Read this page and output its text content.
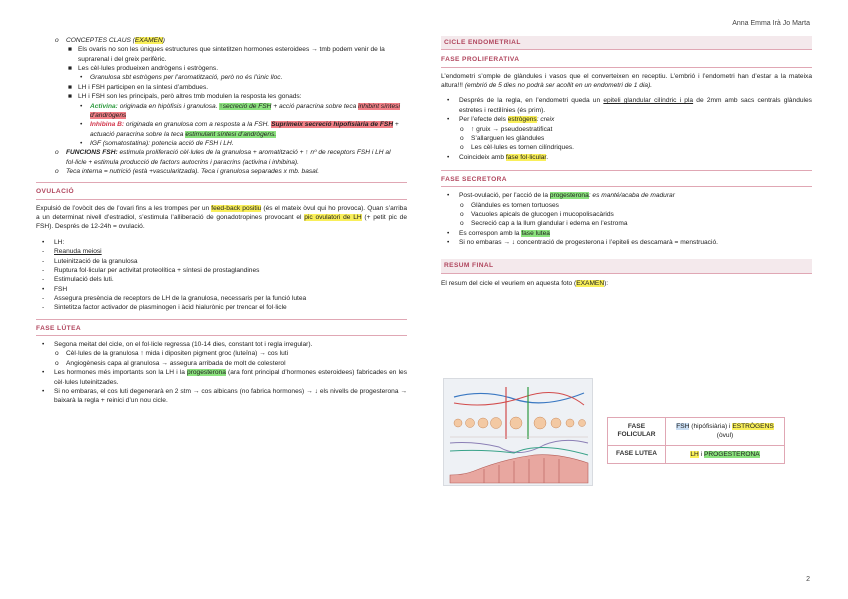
Anna Emma Irà Jo Marta
o CONCEPTES CLAUS (EXAMEN)
■ Els ovaris no son les úniques estructures que sintetitzen hormones esteroidees → tmb podem venir de la suprarenal i del greix perifèric.
■ Les cèl·lules produeixen andrògens i estrògens.
• Granulosa sbt estrògens per l’aromatització, però no és l’únic lloc.
■ LH i FSH participen en la síntesi d’ambdues.
■ LH i FSH son les principals, però altres tmb modulen la resposta les gonads:
• Activina: originada en hipòfisis i granulosa. ↑secreció de FSH + acció paracrina sobre teca inhibint síntesi d’andrògens
• Inhibina B: originada en granulosa com a resposta a la FSH. Suprimeix secreció hipofisiària de FSH + actuació paracrina sobre la teca estimulant síntesi d’andrògens.
• IGF (somatostatina): potencia acció de FSH i LH.
o FUNCIONS FSH: estimula proliferació cèl·lules de la granulosa + aromatització + ↑ nº de receptors FSH i LH al fol·licle + estimula producció de factors autocrins i paracrins (activina i inhibina).
o Teca interna = nutrició (està +vascularitzada). Teca i granulosa separades x mb. basal.
OVULACIÓ

Expulsió de l’ovòcit des de l’ovari fins a les trompes per un feed-back positiu (és el mateix òvul qui ho provoca). Quan s’arriba a un determinat nivell d’estradiol, s’estimula l’alliberació de gonadotropines provocant el pic ovulatori de LH (+ petit pic de FSH). Després de 12-24h = ovulació.

• LH:
- Reanuda meiosi
- Luteinització de la granulosa
- Ruptura fol·licular per activitat proteolítica + síntesi de prostaglandines
- Estimulació dels luti.
• FSH
- Assegura presència de receptors de LH de la granulosa, necessaris per la funció lutea
- Sintetitza factor activador de plasminogen i àcid hialurònic per trencar el fol·licle
FASE LÚTEA
• Segona meitat del cicle, on el fol·licle regressa (10-14 dies, constant tot i regla irregular).
o Cèl·lules de la granulosa ↑ mida i dipositen pigment groc (luteïna) → cos luti
o Angiogènesis capa al granulosa → assegura arribada de molt de colesterol
• Les hormones més importants son la LH i la progesterona (ara font principal d’hormones esteroidees) fabricades en les cèl·lules luteinitzades.
• Si no embaras, el cos luti degenerarà en 2 stm → cos albicans (no fabrica hormones) → ↓ els nivells de progesterona → baixarà la regla + reinici d’un nou cicle.
CICLE ENDOMETRIAL
FASE PROLIFERATIVA

L’endometri s’omple de glàndules i vasos que el converteixen en receptiu. L’embrió i l’endometri han d’estar a la mateixa altura!!! (embrió de 5 dies no podrà ser acollit en un endometri de 1 dia).

• Després de la regla, en l’endometri queda un epiteli glandular cilíndric i pla de 2mm amb sacs centrals glàndules estretes i rectilínies (és prim).
• Per l’efecte dels estrògens: creix
o ↑ gruix → pseudoestratificat
o S’allarguen les glàndules
o Les cèl·lules es tornen cilíndriques.
• Coincideix amb fase fol·licular.
FASE SECRETORA
• Post-ovulació, per l’acció de la progesterona: es manté/acaba de madurar
o Glàndules es tornen tortuoses
o Vacuoles apicals de glucogen i mucopolisacàrids
o Secreció cap a la llum glandular i edema en l’estroma
• Es correspon amb la fase lutea
• Si no embaras → ↓ concentració de progesterona i l’epiteli es descamarà = menstruació.
RESUM FINAL

El resum del cicle el veuriem en aquesta foto (EXAMEN):

FASE FOLICULAR	FSH (hipófisiària) i ESTRÒGENS (òvul)
FASE LUTEA	LH i PROGESTERONA
2
